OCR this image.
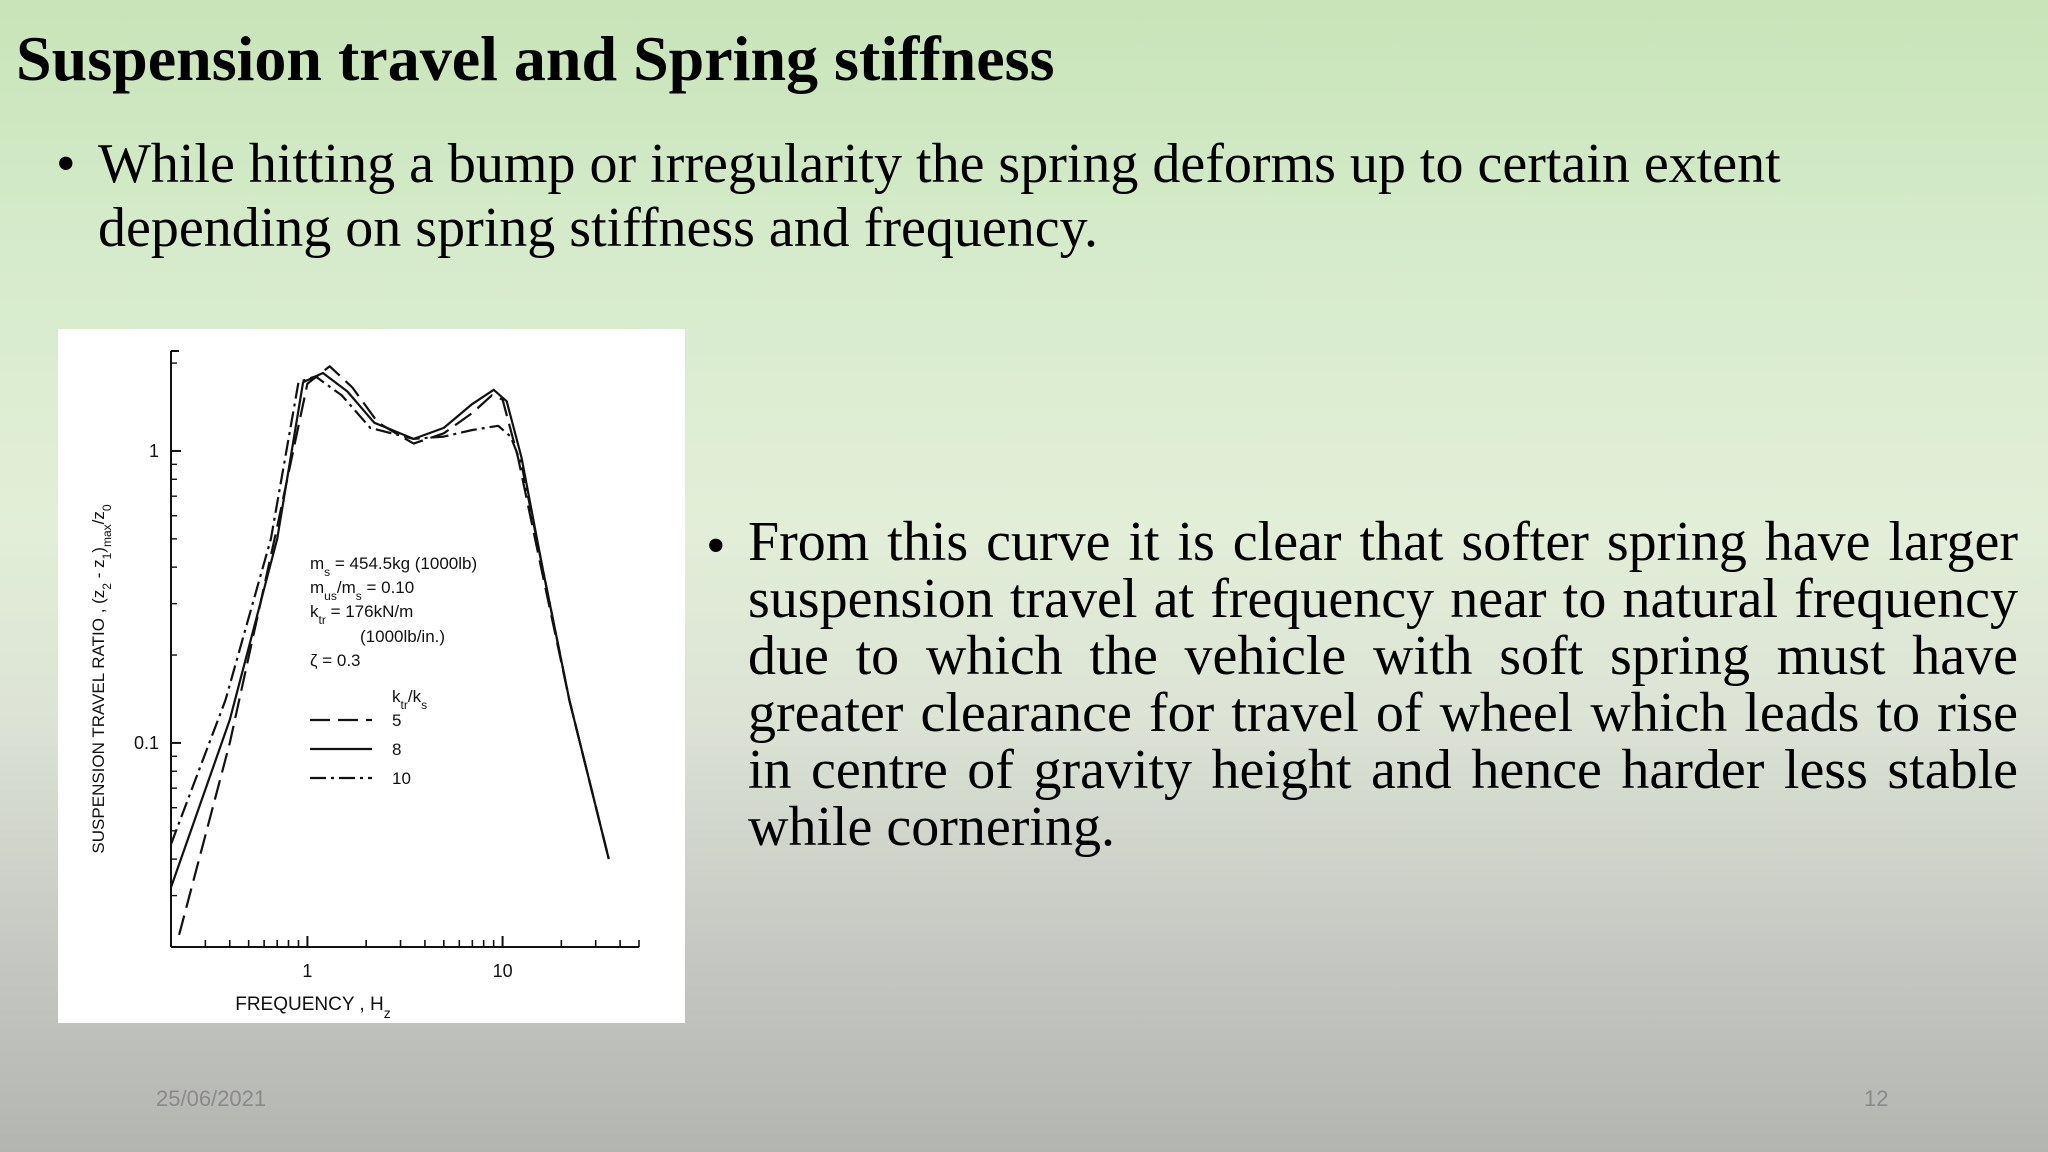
Suspension travel and Spring stiffness
• While hitting a bump or irregularity the spring deforms up to certain extent depending on spring stiffness and frequency.
1	10
1
0.1
$m_s = 454.5kg$ (1000lb)
$m_{us}/m_s = 0.10$
$k_{tr} = 176kN/m$
(1000lb/in.)
ζ = 0.3
$k_{tr}/k_s$
5
8
10
FREQUENCY , $H_z$
SUSPENSION TRAVEL RATIO , $(z_2 - z_1)_{max}/z_0$
• From this curve it is clear that softer spring have larger suspension travel at frequency near to natural frequency due to which the vehicle with soft spring must have greater clearance for travel of wheel which leads to rise in centre of gravity height and hence harder less stable while cornering.
25/06/2021	12
